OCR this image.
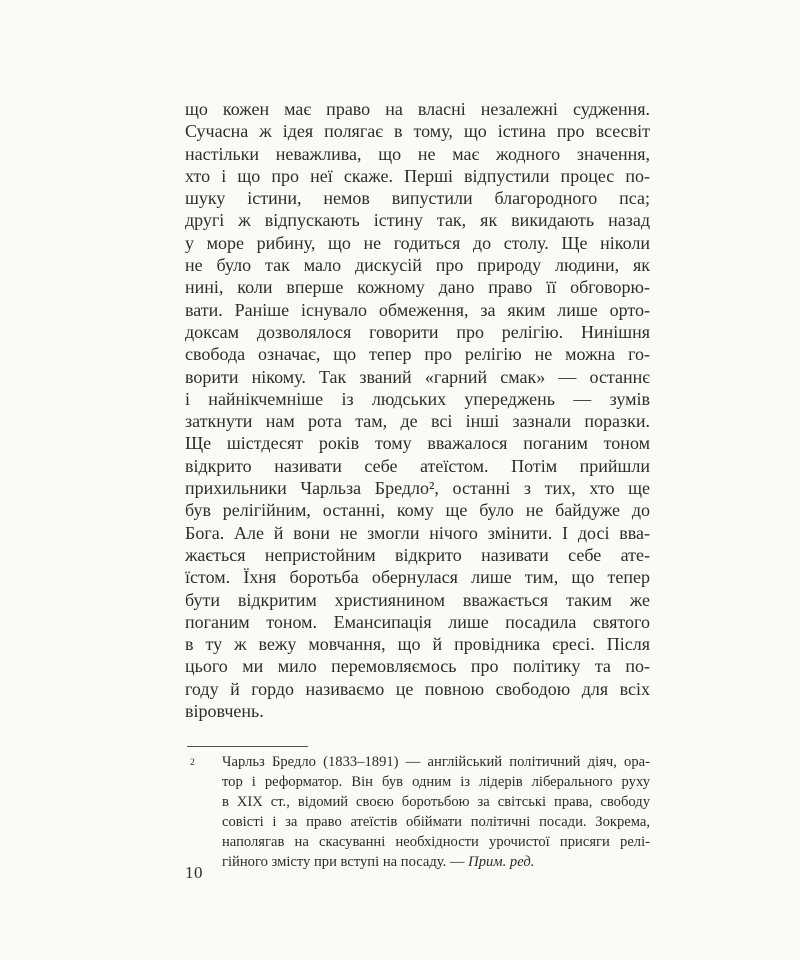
що кожен має право на власні незалежні судження.

Сучасна ж ідея полягає в тому, що істина про всесвіт

настільки неважлива, що не має жодного значення,

хто і що про неї скаже. Перші відпустили процес по-

шуку істини, немов випустили благородного пса;

другі ж відпускають істину так, як викидають назад

у море рибину, що не годиться до столу. Ще ніколи

не було так мало дискусій про природу людини, як

нині, коли вперше кожному дано право її обговорю-

вати. Раніше існувало обмеження, за яким лише орто-

доксам дозволялося говорити про релігію. Нинішня

свобода означає, що тепер про релігію не можна го-

ворити нікому. Так званий «гарний смак» — останнє

і найнікчемніше із людських упереджень — зумів

заткнути нам рота там, де всі інші зазнали поразки.

Ще шістдесят років тому вважалося поганим тоном

відкрито називати себе атеїстом. Потім прийшли

прихильники Чарльза Бредло², останні з тих, хто ще

був релігійним, останні, кому ще було не байдуже до

Бога. Але й вони не змогли нічого змінити. І досі вва-

жається непристойним відкрито називати себе ате-

їстом. Їхня боротьба обернулася лише тим, що тепер

бути відкритим християнином вважається таким же

поганим тоном. Емансипація лише посадила святого

в ту ж вежу мовчання, що й провідника єресі. Після

цього ми мило перемовляємось про політику та по-

году й гордо називаємо це повною свободою для всіх

віровчень.

2 Чарльз Бредло (1833–1891) — англійський політичний діяч, ора-

тор і реформатор. Він був одним із лідерів ліберального руху

в XIX ст., відомий своєю боротьбою за світські права, свободу

совісті і за право атеїстів обіймати політичні посади. Зокрема,

наполягав на скасуванні необхідности урочистої присяги релі-

гійного змісту при вступі на посаду. — Прим. ред.

10
